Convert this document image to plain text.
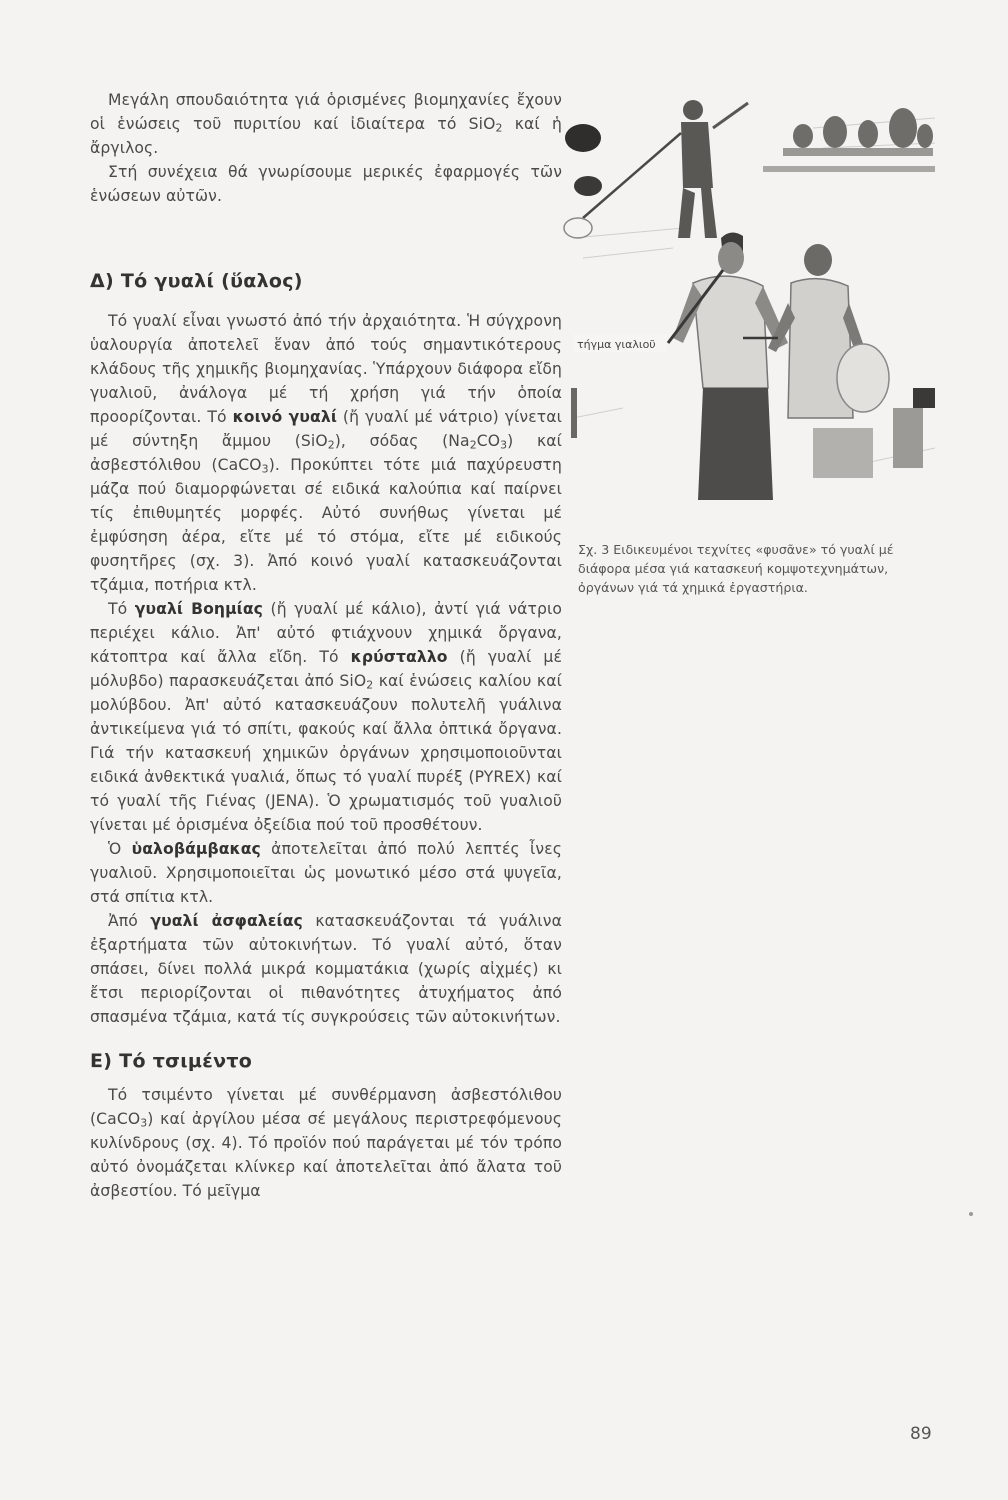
Μεγάλη σπουδαιότητα γιά ὁρισμένες βιομηχανίες ἔχουν οἱ ἑνώσεις τοῦ πυριτίου καί ἰδιαίτερα τό SiO$_2$ καί ἡ ἄργιλος.

Στή συνέχεια θά γνωρίσουμε μερικές ἐφαρμογές τῶν ἑνώσεων αὐτῶν.

Δ) Τό γυαλί (ὕαλος)

Τό γυαλί εἶναι γνωστό ἀπό τήν ἀρχαιότητα. Ἡ σύγχρονη ὑαλουργία ἀποτελεῖ ἕναν ἀπό τούς σημαντικότερους κλάδους τῆς χημικῆς βιομηχανίας. Ὑπάρχουν διάφορα εἴδη γυαλιοῦ, ἀνάλογα μέ τή χρήση γιά τήν ὁποία προορίζονται. Τό κοινό γυαλί (ἤ γυαλί μέ νάτριο) γίνεται μέ σύντηξη ἄμμου (SiO$_2$), σόδας $(Na_2CO_3)$ καί ἀσβεστόλιθου (CaCO$_3$). Προκύπτει τότε μιά παχύρευστη μάζα πού διαμορφώνεται σέ ειδικά καλούπια καί παίρνει τίς ἐπιθυμητές μορφές. Αὐτό συνήθως γίνεται μέ ἐμφύσηση ἀέρα, εἴτε μέ τό στόμα, εἴτε μέ ειδικούς φυσητῆρες (σχ. 3). Ἀπό κοινό γυαλί κατασκευάζονται τζάμια, ποτήρια κτλ.

Τό γυαλί Βοημίας (ἤ γυαλί μέ κάλιο), ἀντί γιά νάτριο περιέχει κάλιο. Ἀπ' αὐτό φτιάχνουν χημικά ὄργανα, κάτοπτρα καί ἄλλα εἴδη. Τό κρύσταλλο (ἤ γυαλί μέ μόλυβδο) παρασκευάζεται ἀπό SiO$_2$ καί ἑνώσεις καλίου καί μολύβδου. Ἀπ' αὐτό κατασκευάζουν πολυτελῆ γυάλινα ἀντικείμενα γιά τό σπίτι, φακούς καί ἄλλα ὀπτικά ὄργανα. Γιά τήν κατασκευή χημικῶν ὀργάνων χρησιμοποιοῦνται ειδικά ἀνθεκτικά γυαλιά, ὅπως τό γυαλί πυρέξ (PYREX) καί τό γυαλί τῆς Γιένας (JENA). Ὁ χρωματισμός τοῦ γυαλιοῦ γίνεται μέ ὁρισμένα ὀξείδια πού τοῦ προσθέτουν.

Ὁ ὑαλοβάμβακας ἀποτελεῖται ἀπό πολύ λεπτές ἶνες γυαλιοῦ. Χρησιμοποιεῖται ὡς μονωτικό μέσο στά ψυγεῖα, στά σπίτια κτλ.

Ἀπό γυαλί ἀσφαλείας κατασκευάζονται τά γυάλινα ἐξαρτήματα τῶν αὐτοκινήτων. Τό γυαλί αὐτό, ὅταν σπάσει, δίνει πολλά μικρά κομματάκια (χωρίς αἰχμές) κι ἔτσι περιορίζονται οἱ πιθανότητες ἀτυχήματος ἀπό σπασμένα τζάμια, κατά τίς συγκρούσεις τῶν αὐτοκινήτων.

Ε) Τό τσιμέντο

Τό τσιμέντο γίνεται μέ συνθέρμανση ἀσβεστόλιθου (CaCO$_3$) καί ἀργίλου μέσα σέ μεγάλους περιστρεφόμενους κυλίνδρους (σχ. 4). Τό προϊόν πού παράγεται μέ τόν τρόπο αὐτό ὀνομάζεται κλίνκερ καί ἀποτελεῖται ἀπό ἄλατα τοῦ ἀσβεστίου. Τό μεῖγμα

τήγμα γιαλιοῦ
Σχ. 3 Ειδικευμένοι τεχνίτες «φυσᾶνε» τό γυαλί μέ διάφορα μέσα γιά κατασκευή κομψοτεχνημάτων, ὀργάνων γιά τά χημικά ἐργαστήρια.
89
